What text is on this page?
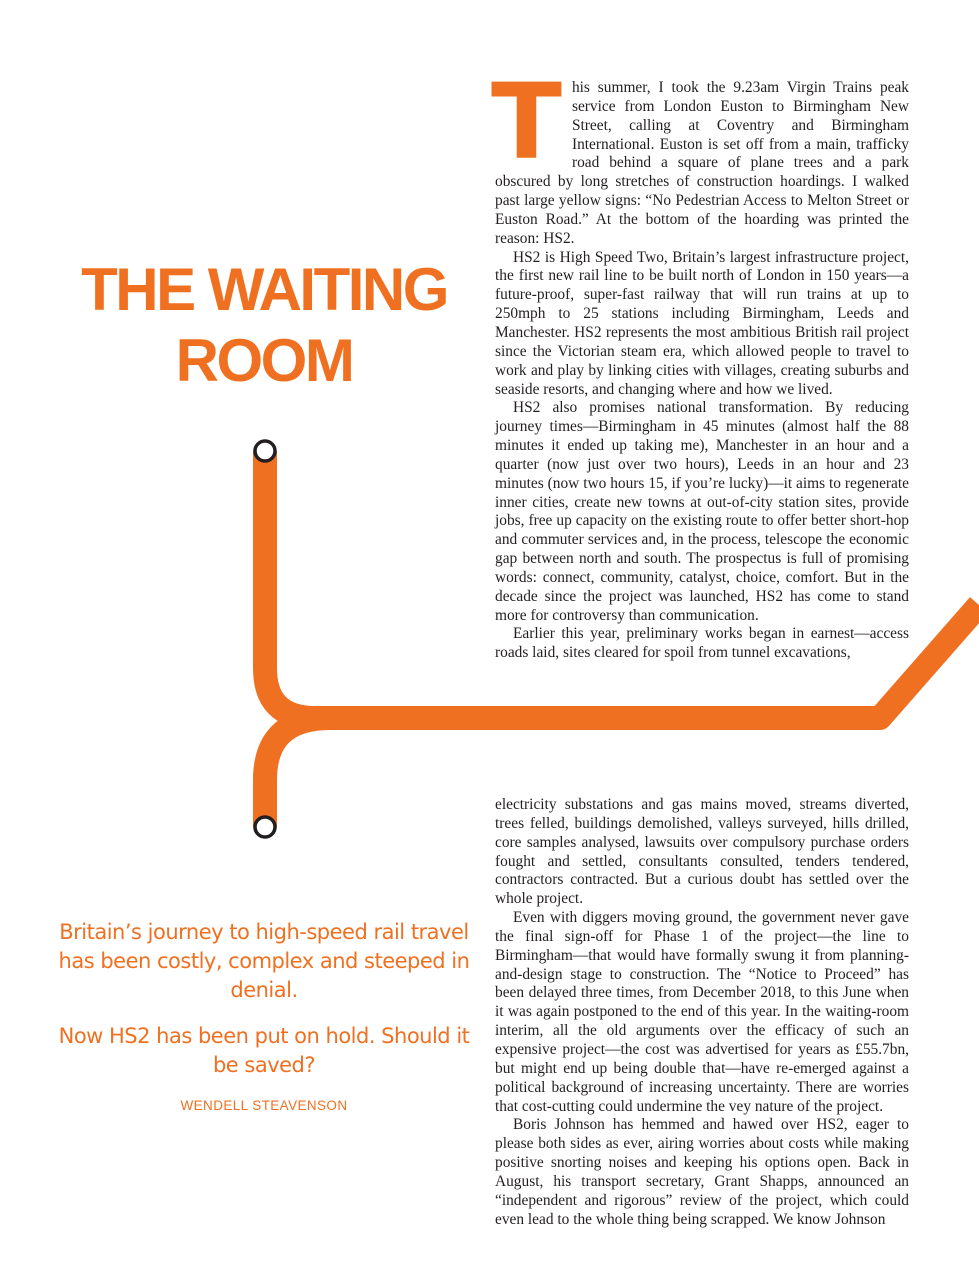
THE WAITING
ROOM

Britain’s journey to high-speed rail travel has been costly, complex and steeped in denial.

Now HS2 has been put on hold. Should it be saved?

WENDELL STEAVENSON

This summer, I took the 9.23am Virgin Trains peak service from London Euston to Birmingham New Street, calling at Coventry and Birmingham International. Euston is set off from a main, trafficky road behind a square of plane trees and a park obscured by long stretches of construction hoardings. I walked past large yellow signs: “No Pedestrian Access to Melton Street or Euston Road.” At the bottom of the hoarding was printed the reason: HS2.

HS2 is High Speed Two, Britain’s largest infrastructure project, the first new rail line to be built north of London in 150 years—a future-proof, super-fast railway that will run trains at up to 250mph to 25 stations including Birmingham, Leeds and Manchester. HS2 represents the most ambitious British rail project since the Victorian steam era, which allowed people to travel to work and play by linking cities with villages, creating suburbs and seaside resorts, and changing where and how we lived.

HS2 also promises national transformation. By reducing journey times—Birmingham in 45 minutes (almost half the 88 minutes it ended up taking me), Manchester in an hour and a quarter (now just over two hours), Leeds in an hour and 23 minutes (now two hours 15, if you’re lucky)—it aims to regenerate inner cities, create new towns at out-of-city station sites, provide jobs, free up capacity on the existing route to offer better short-hop and commuter services and, in the process, telescope the economic gap between north and south. The prospectus is full of promising words: connect, community, catalyst, choice, comfort. But in the decade since the project was launched, HS2 has come to stand more for controversy than communication.

Earlier this year, preliminary works began in earnest—access roads laid, sites cleared for spoil from tunnel excavations,

electricity substations and gas mains moved, streams diverted, trees felled, buildings demolished, valleys surveyed, hills drilled, core samples analysed, lawsuits over compulsory purchase orders fought and settled, consultants consulted, tenders tendered, contractors contracted. But a curious doubt has settled over the whole project.

Even with diggers moving ground, the government never gave the final sign-off for Phase 1 of the project—the line to Birmingham—that would have formally swung it from planning-and-design stage to construction. The “Notice to Proceed” has been delayed three times, from December 2018, to this June when it was again postponed to the end of this year. In the waiting-room interim, all the old arguments over the efficacy of such an expensive project—the cost was advertised for years as £55.7bn, but might end up being double that—have re-emerged against a political background of increasing uncertainty. There are worries that cost-cutting could undermine the vey nature of the project.

Boris Johnson has hemmed and hawed over HS2, eager to please both sides as ever, airing worries about costs while making positive snorting noises and keeping his options open. Back in August, his transport secretary, Grant Shapps, announced an “independent and rigorous” review of the project, which could even lead to the whole thing being scrapped. We know Johnson
